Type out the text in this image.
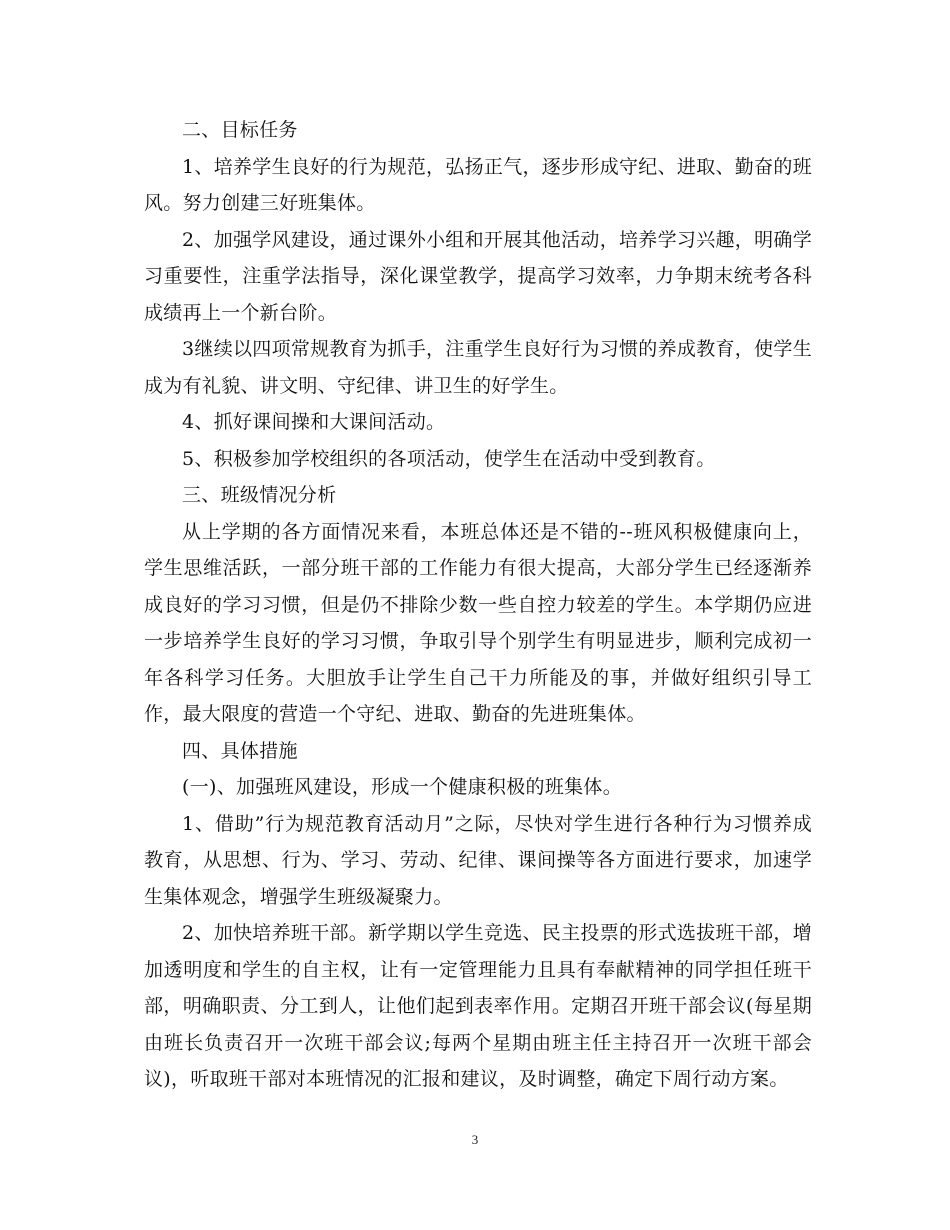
二、目标任务

1、培养学生良好的行为规范，弘扬正气，逐步形成守纪、进取、勤奋的班风。努力创建三好班集体。

2、加强学风建设，通过课外小组和开展其他活动，培养学习兴趣，明确学习重要性，注重学法指导，深化课堂教学，提高学习效率，力争期末统考各科成绩再上一个新台阶。

3继续以四项常规教育为抓手，注重学生良好行为习惯的养成教育，使学生成为有礼貌、讲文明、守纪律、讲卫生的好学生。

4、抓好课间操和大课间活动。

5、积极参加学校组织的各项活动，使学生在活动中受到教育。

三、班级情况分析

从上学期的各方面情况来看，本班总体还是不错的--班风积极健康向上，学生思维活跃，一部分班干部的工作能力有很大提高，大部分学生已经逐渐养成良好的学习习惯，但是仍不排除少数一些自控力较差的学生。本学期仍应进一步培养学生良好的学习习惯，争取引导个别学生有明显进步，顺利完成初一年各科学习任务。大胆放手让学生自己干力所能及的事，并做好组织引导工作，最大限度的营造一个守纪、进取、勤奋的先进班集体。

四、具体措施

(一)、加强班风建设，形成一个健康积极的班集体。

1、借助”行为规范教育活动月”之际，尽快对学生进行各种行为习惯养成教育，从思想、行为、学习、劳动、纪律、课间操等各方面进行要求，加速学生集体观念，增强学生班级凝聚力。

2、加快培养班干部。新学期以学生竞选、民主投票的形式选拔班干部，增加透明度和学生的自主权，让有一定管理能力且具有奉献精神的同学担任班干部，明确职责、分工到人，让他们起到表率作用。定期召开班干部会议(每星期由班长负责召开一次班干部会议;每两个星期由班主任主持召开一次班干部会议)，听取班干部对本班情况的汇报和建议，及时调整，确定下周行动方案。

3
